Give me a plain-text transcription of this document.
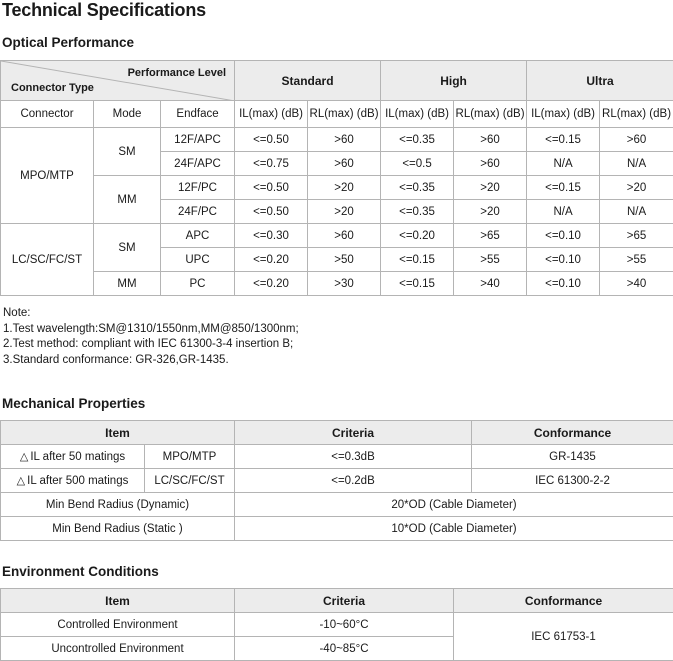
Technical Specifications
Optical Performance
Performance Level
Connector Type			Standard		High		Ultra	
Connector	Mode	Endface	IL(max) (dB)	RL(max) (dB)	IL(max) (dB)	RL(max) (dB)	IL(max) (dB)	RL(max) (dB)
MPO/MTP	SM	12F/APC	<=0.50	>60	<=0.35	>60	<=0.15	>60
		24F/APC	<=0.75	>60	<=0.5	>60	N/A	N/A
	MM	12F/PC	<=0.50	>20	<=0.35	>20	<=0.15	>20
		24F/PC	<=0.50	>20	<=0.35	>20	N/A	N/A
LC/SC/FC/ST	SM	APC	<=0.30	>60	<=0.20	>65	<=0.10	>65
		UPC	<=0.20	>50	<=0.15	>55	<=0.10	>55
	MM	PC	<=0.20	>30	<=0.15	>40	<=0.10	>40
Note:
1.Test wavelength:SM@1310/1550nm,MM@850/1300nm;
2.Test method: compliant with IEC 61300-3-4 insertion B;
3.Standard conformance: GR-326,GR-1435.
Mechanical Properties
Item		Criteria	Conformance
△ IL after 50 matings	MPO/MTP	<=0.3dB	GR-1435
△ IL after 500 matings	LC/SC/FC/ST	<=0.2dB	IEC 61300-2-2
Min Bend Radius (Dynamic)		20*OD (Cable Diameter)	
Min Bend Radius (Static )		10*OD (Cable Diameter)	
Environment Conditions
Item	Criteria	Conformance
Controlled Environment	-10~60°C	IEC 61753-1
Uncontrolled Environment	-40~85°C	
